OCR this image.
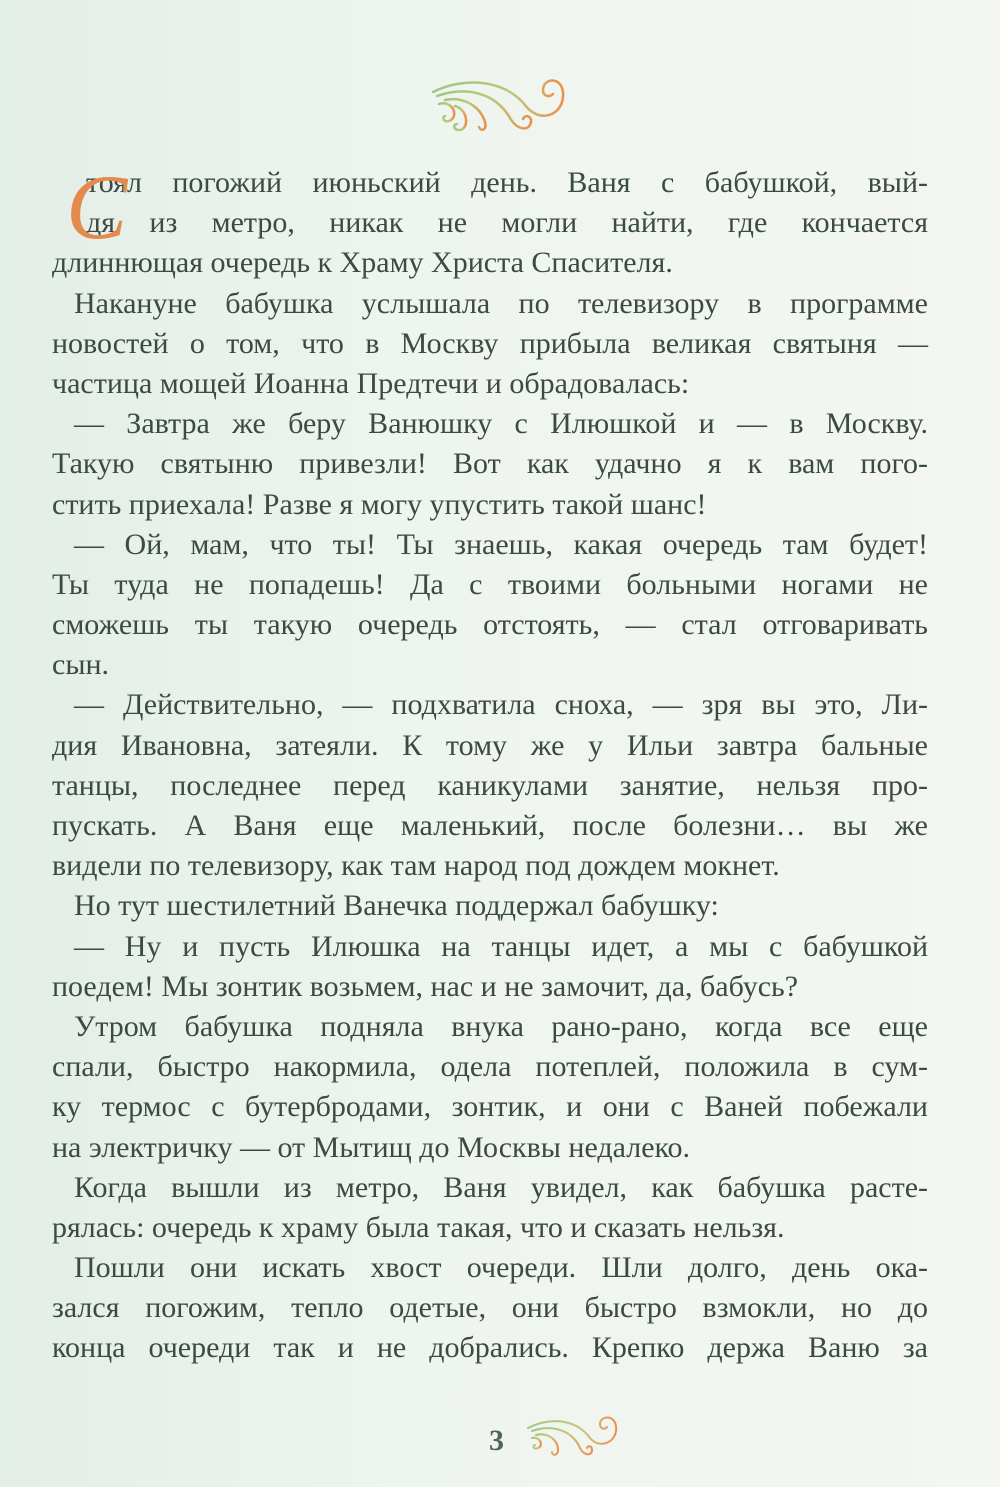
С
тоял погожий июньский день. Ваня с бабушкой, вый-
дя из метро, никак не могли найти, где кончается
длиннющая очередь к Храму Христа Спасителя.
Накануне бабушка услышала по телевизору в программе
новостей о том, что в Москву прибыла великая святыня —
частица мощей Иоанна Предтечи и обрадовалась:
— Завтра же беру Ванюшку с Илюшкой и — в Москву.
Такую святыню привезли! Вот как удачно я к вам пого-
стить приехала! Разве я могу упустить такой шанс!
— Ой, мам, что ты! Ты знаешь, какая очередь там будет!
Ты туда не попадешь! Да с твоими больными ногами не
сможешь ты такую очередь отстоять, — стал отговаривать
сын.
— Действительно, — подхватила сноха, — зря вы это, Ли-
дия Ивановна, затеяли. К тому же у Ильи завтра бальные
танцы, последнее перед каникулами занятие, нельзя про-
пускать. А Ваня еще маленький, после болезни… вы же
видели по телевизору, как там народ под дождем мокнет.
Но тут шестилетний Ванечка поддержал бабушку:
— Ну и пусть Илюшка на танцы идет, а мы с бабушкой
поедем! Мы зонтик возьмем, нас и не замочит, да, бабусь?
Утром бабушка подняла внука рано-рано, когда все еще
спали, быстро накормила, одела потеплей, положила в сум-
ку термос с бутербродами, зонтик, и они с Ваней побежали
на электричку — от Мытищ до Москвы недалеко.
Когда вышли из метро, Ваня увидел, как бабушка расте-
рялась: очередь к храму была такая, что и сказать нельзя.
Пошли они искать хвост очереди. Шли долго, день ока-
зался погожим, тепло одетые, они быстро взмокли, но до
конца очереди так и не добрались. Крепко держа Ваню за
3
